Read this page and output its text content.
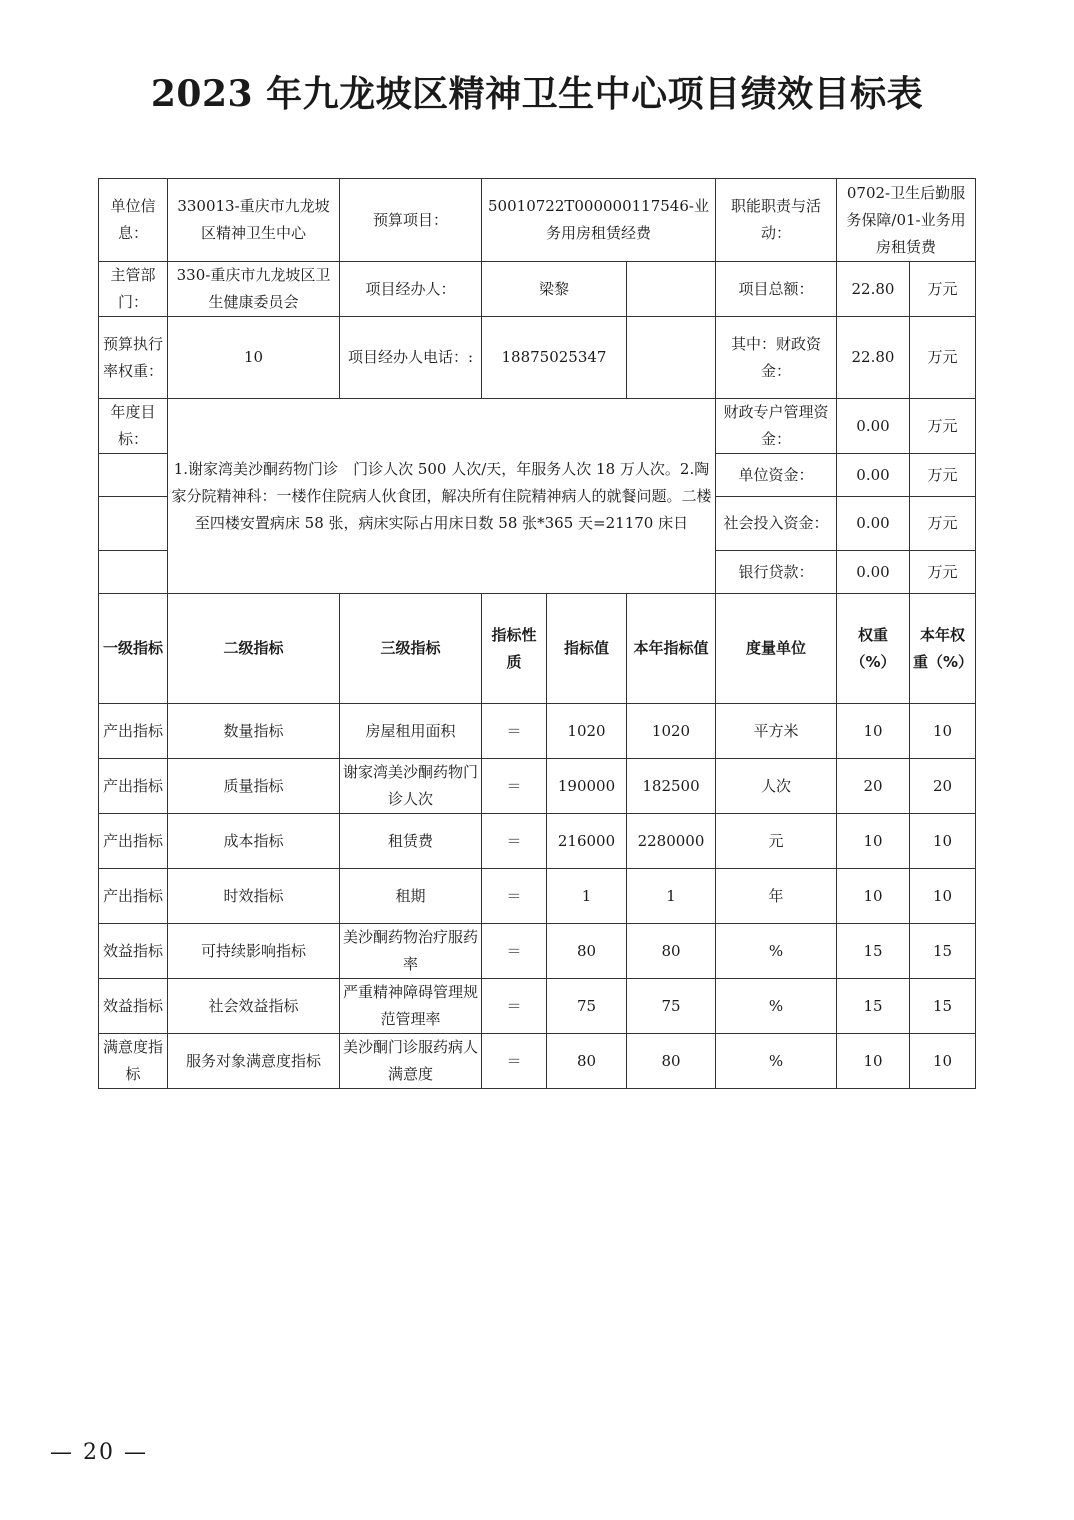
2023 年九龙坡区精神卫生中心项目绩效目标表
单位信息：	330013-重庆市九龙坡区精神卫生中心	预算项目：	50010722T000000117546-业务用房租赁经费			职能职责与活动：	0702-卫生后勤服务保障/01-业务用房租赁费	
主管部门：	330-重庆市九龙坡区卫生健康委员会	项目经办人：	梁黎			项目总额：	22.80	万元
预算执行率权重：	10	项目经办人电话：:	18875025347			其中：财政资金：	22.80	万元
年度目标：	1.谢家湾美沙酮药物门诊　门诊人次 500 人次/天，年服务人次 18 万人次。2.陶家分院精神科：一楼作住院病人伙食团，解决所有住院精神病人的就餐问题。二楼至四楼安置病床 58 张，病床实际占用床日数 58 张*365 天=21170 床日					财政专户管理资金：	0.00	万元
						单位资金：	0.00	万元
						社会投入资金：	0.00	万元
						银行贷款：	0.00	万元
一级指标	二级指标	三级指标	指标性质	指标值	本年指标值	度量单位	权重（%）	本年权重（%）
产出指标	数量指标	房屋租用面积	＝	1020	1020	平方米	10	10
产出指标	质量指标	谢家湾美沙酮药物门诊人次	＝	190000	182500	人次	20	20
产出指标	成本指标	租赁费	＝	216000	2280000	元	10	10
产出指标	时效指标	租期	＝	1	1	年	10	10
效益指标	可持续影响指标	美沙酮药物治疗服药率	＝	80	80	%	15	15
效益指标	社会效益指标	严重精神障碍管理规范管理率	＝	75	75	%	15	15
满意度指标	服务对象满意度指标	美沙酮门诊服药病人满意度	＝	80	80	%	10	10
— 20 —
